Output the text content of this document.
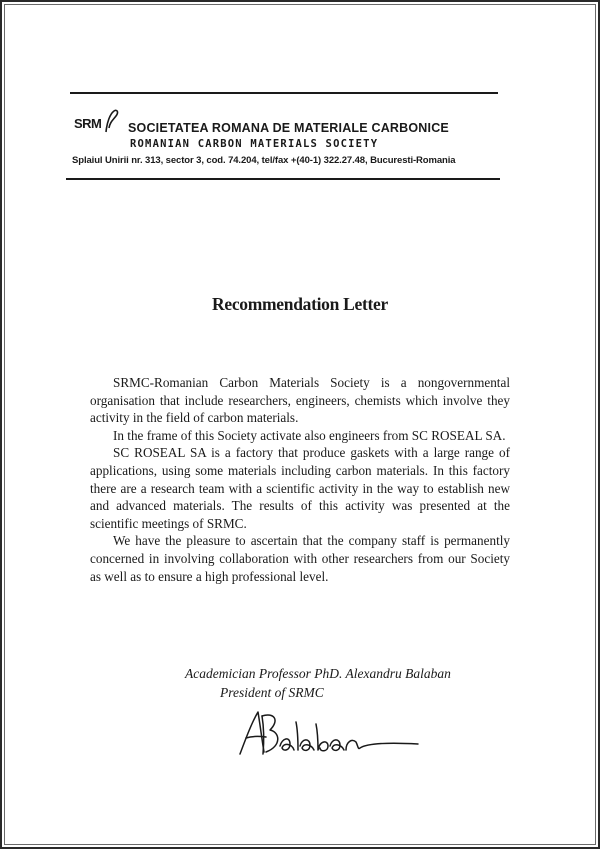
SRM SOCIETATEA ROMANA DE MATERIALE CARBONICE
ROMANIAN CARBON MATERIALS SOCIETY
Splaiul Unirii nr. 313, sector 3, cod. 74.204, tel/fax +(40-1) 322.27.48, Bucuresti-Romania
Recommendation Letter

SRMC-Romanian Carbon Materials Society is a nongovernmental organisation that include researchers, engineers, chemists which involve they activity in the field of carbon materials.

In the frame of this Society activate also engineers from SC ROSEAL SA.

SC ROSEAL SA is a factory that produce gaskets with a large range of applications, using some materials including carbon materials. In this factory there are a research team with a scientific activity in the way to establish new and advanced materials. The results of this activity was presented at the scientific meetings of SRMC.

We have the pleasure to ascertain that the company staff is permanently concerned in involving collaboration with other researchers from our Society as well as to ensure a high professional level.

Academician Professor PhD. Alexandru Balaban
President of SRMC
